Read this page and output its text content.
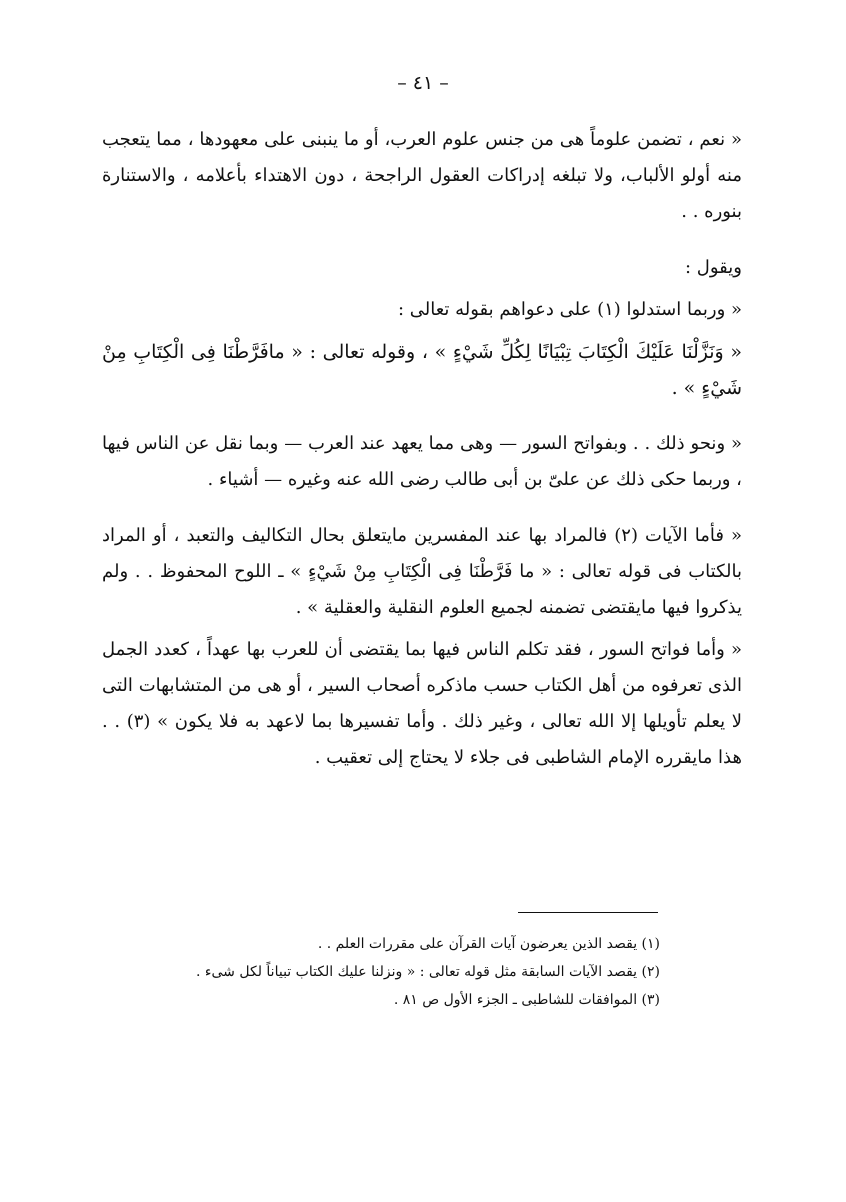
– ٤١ –

« نعم ، تضمن علوماً هى من جنس علوم العرب، أو ما ينبنى على معهودها ، مما يتعجب منه أولو الألباب، ولا تبلغه إدراكات العقول الراجحة ، دون الاهتداء بأعلامه ، والاستنارة بنوره . .

ويقول :

« وربما استدلوا (١) على دعواهم بقوله تعالى :

« وَنَزَّلْنَا عَلَيْكَ الْكِتَابَ تِبْيَانًا لِكُلِّ شَيْءٍ » ، وقوله تعالى : « مافَرَّطْنَا فِى الْكِتَابِ مِنْ شَيْءٍ » .

« ونحو ذلك . . وبفواتح السور — وهى مما يعهد عند العرب — وبما نقل عن الناس فيها ، وربما حكى ذلك عن علىّ بن أبى طالب رضى الله عنه وغيره — أشياء .

« فأما الآيات (٢) فالمراد بها عند المفسرين مايتعلق بحال التكاليف والتعبد ، أو المراد بالكتاب فى قوله تعالى : « ما فَرَّطْنَا فِى الْكِتَابِ مِنْ شَيْءٍ » ـ اللوح المحفوظ . . ولم يذكروا فيها مايقتضى تضمنه لجميع العلوم النقلية والعقلية » .

« وأما فواتح السور ، فقد تكلم الناس فيها بما يقتضى أن للعرب بها عهداً ، كعدد الجمل الذى تعرفوه من أهل الكتاب حسب ماذكره أصحاب السير ، أو هى من المتشابهات التى لا يعلم تأويلها إلا الله تعالى ، وغير ذلك . وأما تفسيرها بما لاعهد به فلا يكون » (٣) . . هذا مايقرره الإمام الشاطبى فى جلاء لا يحتاج إلى تعقيب .

(١) يقصد الذين يعرضون آيات القرآن على مقررات العلم . .
(٢) يقصد الآيات السابقة مثل قوله تعالى : « ونزلنا عليك الكتاب تبياناً لكل شىء .
(٣) الموافقات للشاطبى ـ الجزء الأول ص ٨١ .
